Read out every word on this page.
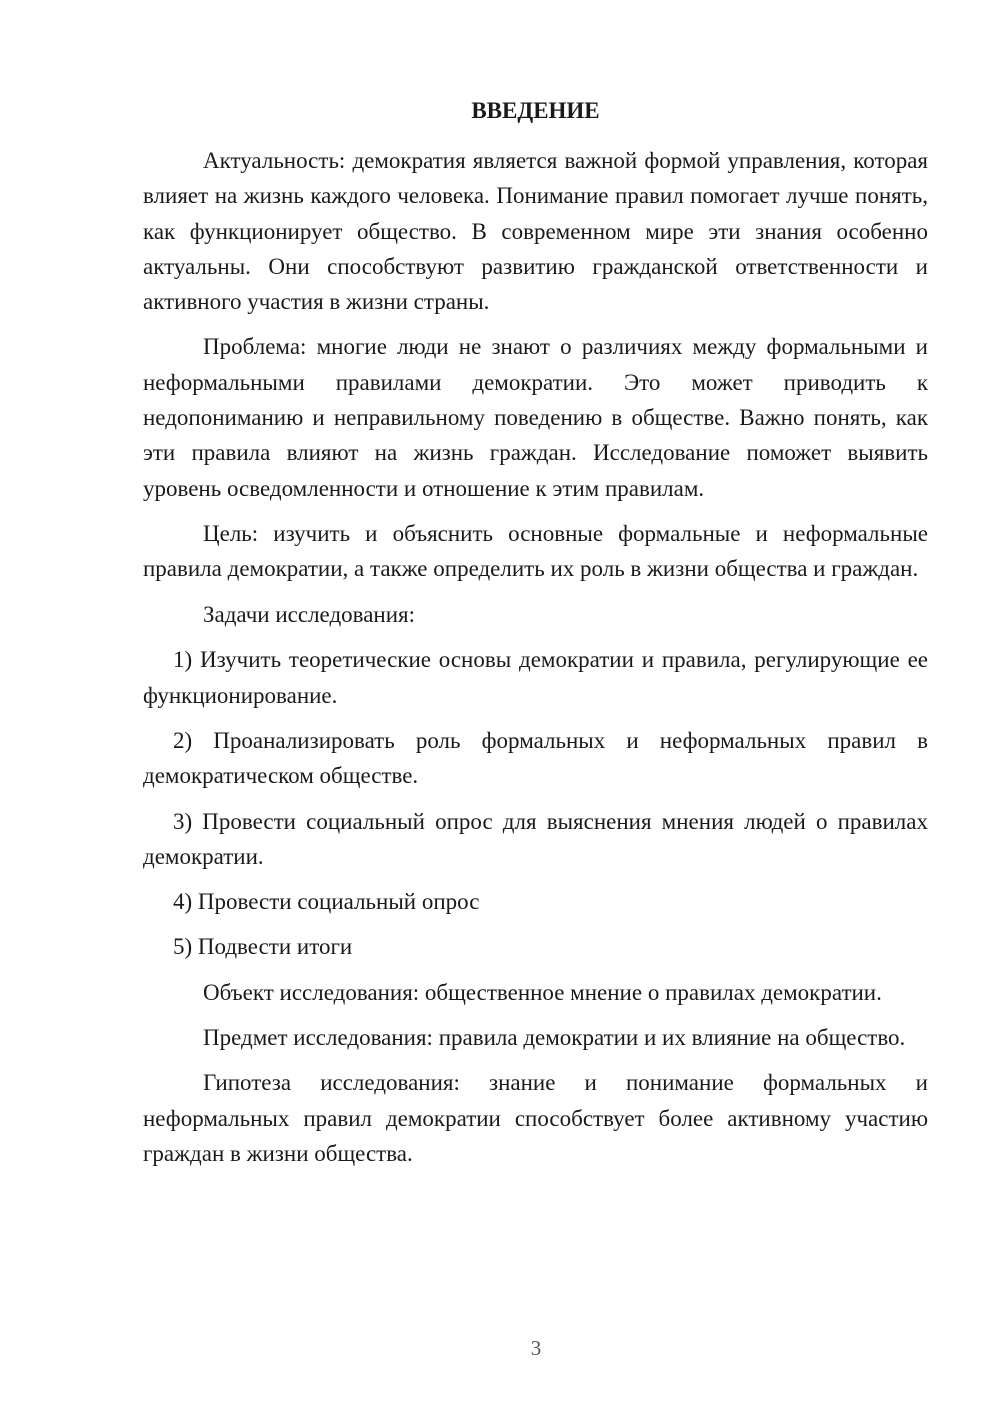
ВВЕДЕНИЕ

Актуальность: демократия является важной формой управления, которая влияет на жизнь каждого человека. Понимание правил помогает лучше понять, как функционирует общество. В современном мире эти знания особенно актуальны. Они способствуют развитию гражданской ответственности и активного участия в жизни страны.

Проблема: многие люди не знают о различиях между формальными и неформальными правилами демократии. Это может приводить к недопониманию и неправильному поведению в обществе. Важно понять, как эти правила влияют на жизнь граждан. Исследование поможет выявить уровень осведомленности и отношение к этим правилам.

Цель: изучить и объяснить основные формальные и неформальные правила демократии, а также определить их роль в жизни общества и граждан.

Задачи исследования:

1) Изучить теоретические основы демократии и правила, регулирующие ее функционирование.

2) Проанализировать роль формальных и неформальных правил в демократическом обществе.

3) Провести социальный опрос для выяснения мнения людей о правилах демократии.

4) Провести социальный опрос

5) Подвести итоги

Объект исследования: общественное мнение о правилах демократии.

Предмет исследования: правила демократии и их влияние на общество.

Гипотеза исследования: знание и понимание формальных и неформальных правил демократии способствует более активному участию граждан в жизни общества.

3
